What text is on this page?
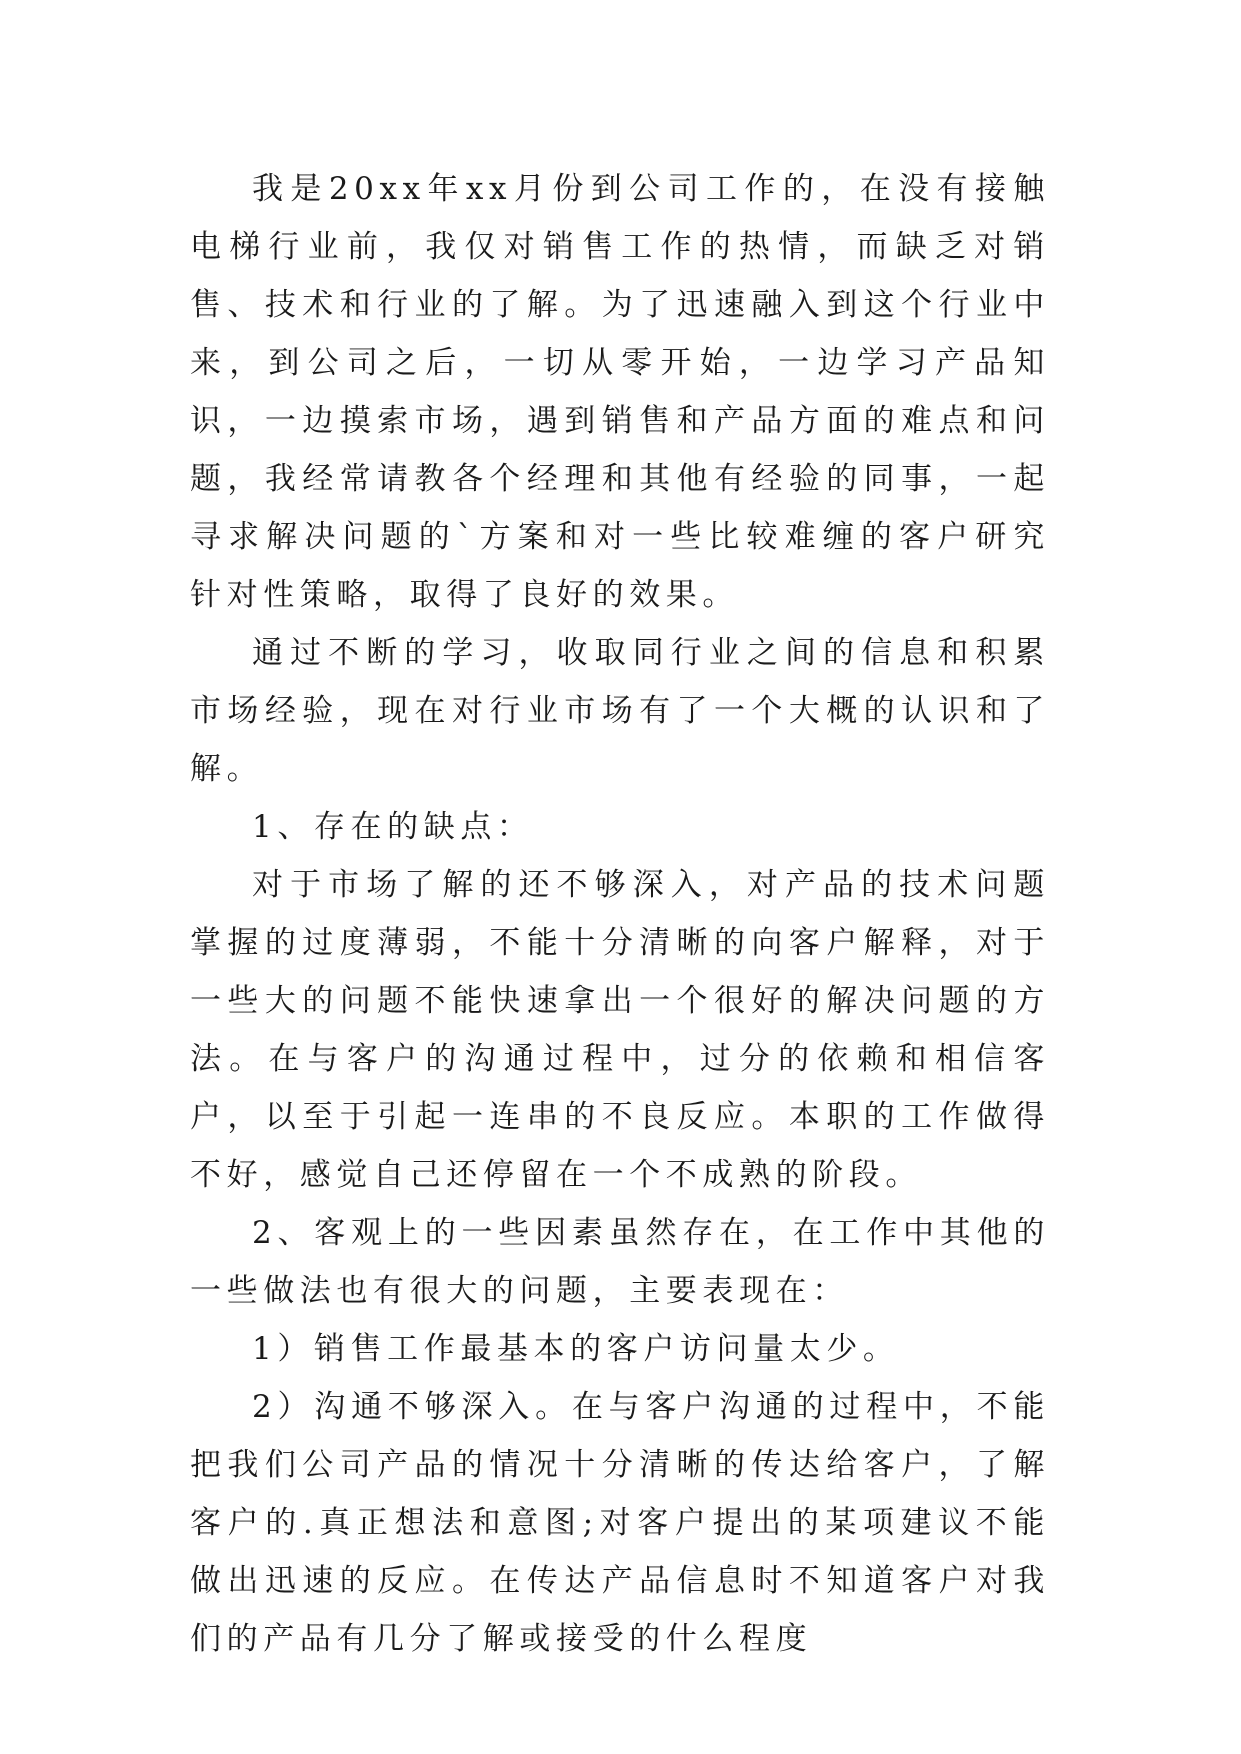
我是20xx年xx月份到公司工作的，在没有接触电梯行业前，我仅对销售工作的热情，而缺乏对销售、技术和行业的了解。为了迅速融入到这个行业中来，到公司之后，一切从零开始，一边学习产品知识，一边摸索市场，遇到销售和产品方面的难点和问题，我经常请教各个经理和其他有经验的同事，一起寻求解决问题的`方案和对一些比较难缠的客户研究针对性策略，取得了良好的效果。

通过不断的学习，收取同行业之间的信息和积累市场经验，现在对行业市场有了一个大概的认识和了解。

1、存在的缺点：

对于市场了解的还不够深入，对产品的技术问题掌握的过度薄弱，不能十分清晰的向客户解释，对于一些大的问题不能快速拿出一个很好的解决问题的方法。在与客户的沟通过程中，过分的依赖和相信客户，以至于引起一连串的不良反应。本职的工作做得不好，感觉自己还停留在一个不成熟的阶段。

2、客观上的一些因素虽然存在，在工作中其他的一些做法也有很大的问题，主要表现在：

1）销售工作最基本的客户访问量太少。

2）沟通不够深入。在与客户沟通的过程中，不能把我们公司产品的情况十分清晰的传达给客户，了解客户的.真正想法和意图;对客户提出的某项建议不能做出迅速的反应。在传达产品信息时不知道客户对我们的产品有几分了解或接受的什么程度
